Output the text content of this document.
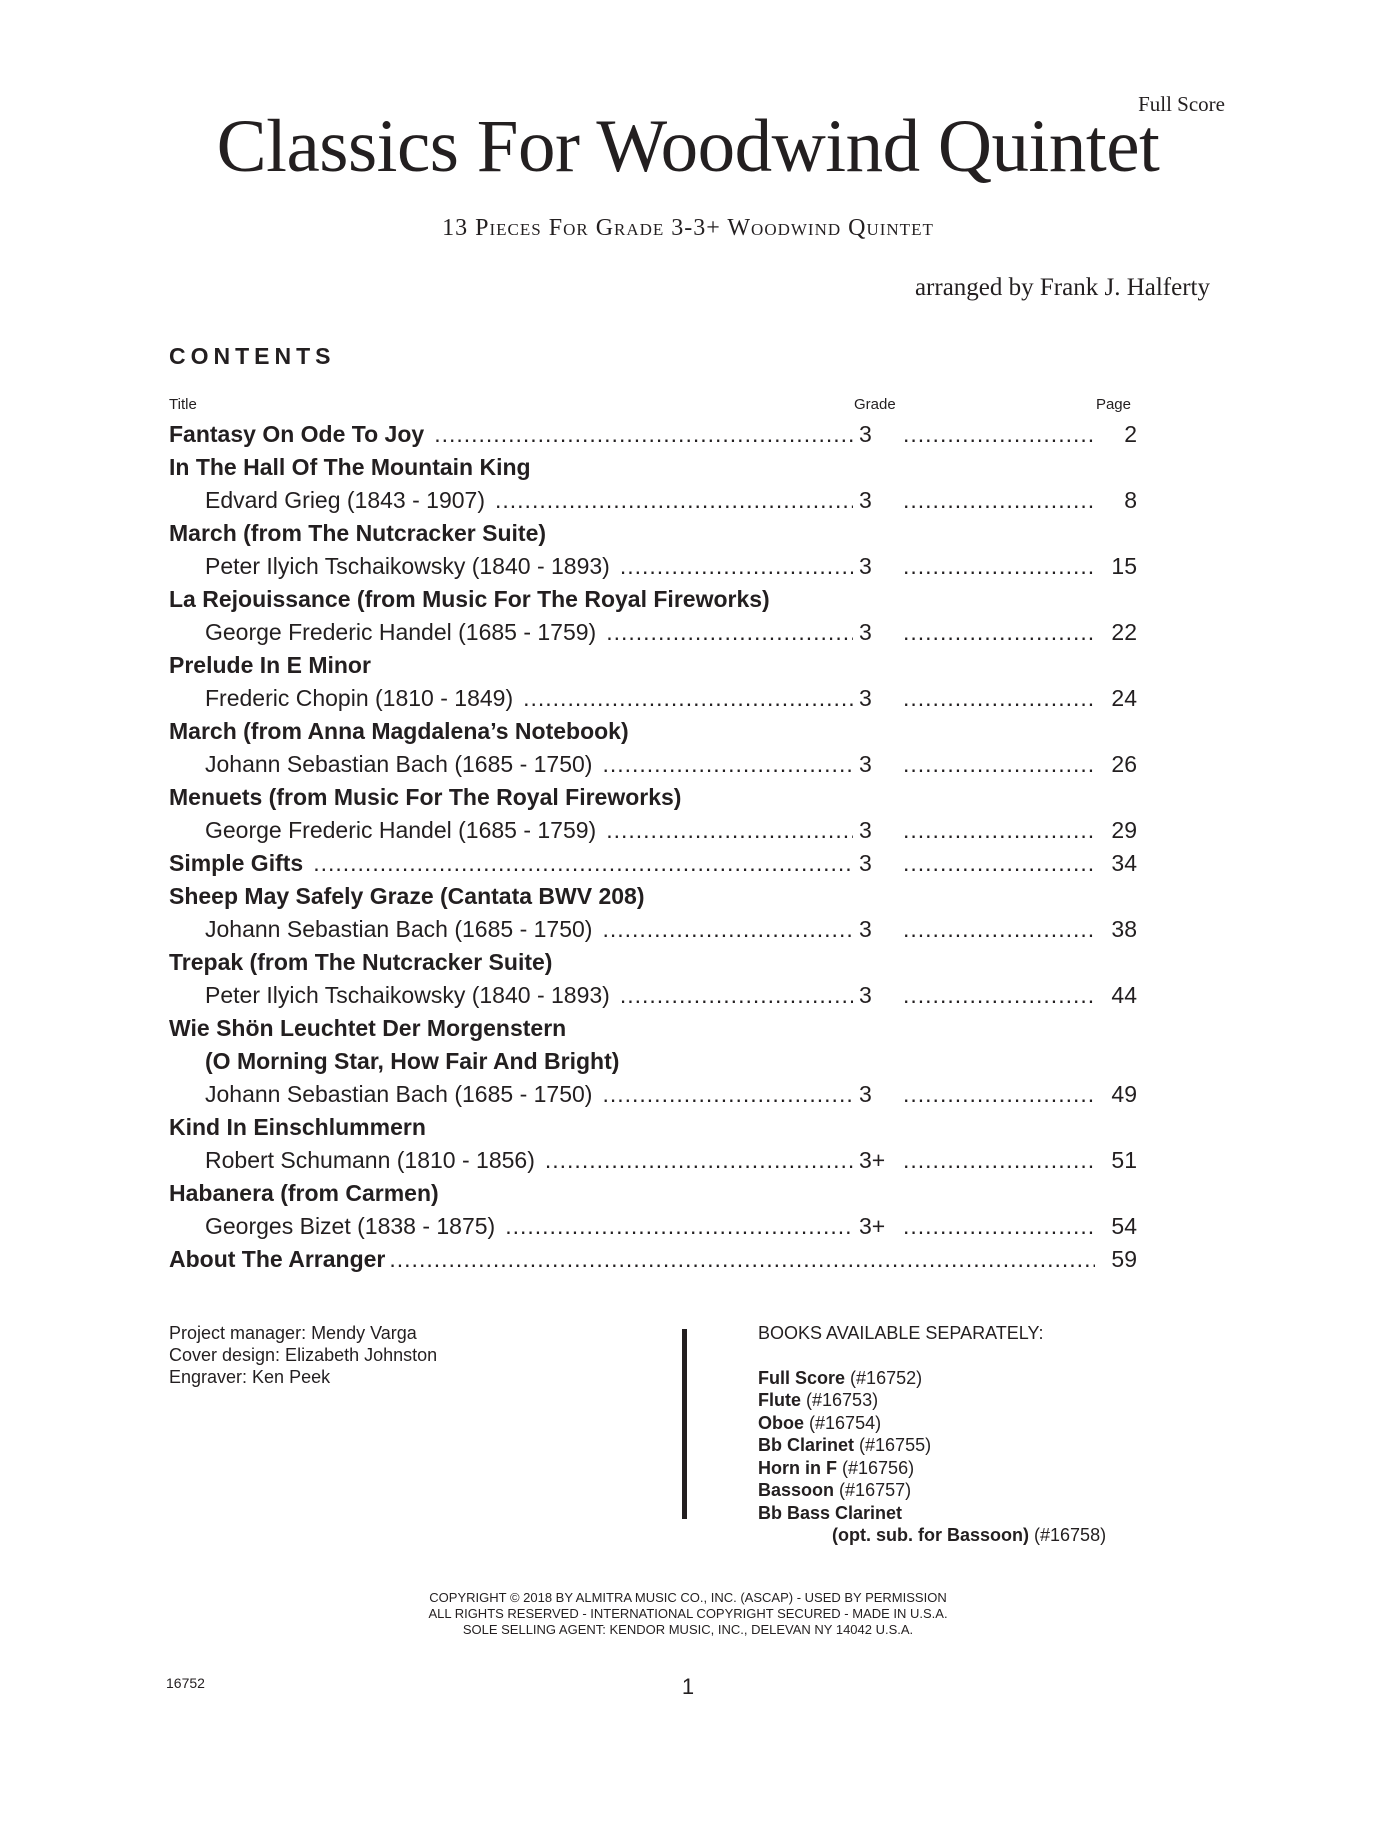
Full Score
Classics For Woodwind Quintet
13 Pieces For Grade 3-3+ Woodwind Quintet
arranged by Frank J. Halferty
CONTENTS
Title	Grade	Page
Fantasy On Ode To Joy .....	3 .....	2
In The Hall Of The Mountain King
Edvard Grieg (1843 - 1907) .....	3 .....	8
March (from The Nutcracker Suite)
Peter Ilyich Tschaikowsky (1840 - 1893) .....	3 .....	15
La Rejouissance (from Music For The Royal Fireworks)
George Frederic Handel (1685 - 1759) .....	3 .....	22
Prelude In E Minor
Frederic Chopin (1810 - 1849) .....	3 .....	24
March (from Anna Magdalena’s Notebook)
Johann Sebastian Bach (1685 - 1750) .....	3 .....	26
Menuets (from Music For The Royal Fireworks)
George Frederic Handel (1685 - 1759) .....	3 .....	29
Simple Gifts .....	3 .....	34
Sheep May Safely Graze (Cantata BWV 208)
Johann Sebastian Bach (1685 - 1750) .....	3 .....	38
Trepak (from The Nutcracker Suite)
Peter Ilyich Tschaikowsky (1840 - 1893) .....	3 .....	44
Wie Shön Leuchtet Der Morgenstern
(O Morning Star, How Fair And Bright)
Johann Sebastian Bach (1685 - 1750) .....	3 .....	49
Kind In Einschlummern
Robert Schumann (1810 - 1856) .....	3+ .....	51
Habanera (from Carmen)
Georges Bizet (1838 - 1875) .....	3+ .....	54
About The Arranger .....	59
Project manager: Mendy Varga
Cover design: Elizabeth Johnston
Engraver: Ken Peek
BOOKS AVAILABLE SEPARATELY:
Full Score (#16752)
Flute (#16753)
Oboe (#16754)
Bb Clarinet (#16755)
Horn in F (#16756)
Bassoon (#16757)
Bb Bass Clarinet
(opt. sub. for Bassoon) (#16758)
COPYRIGHT © 2018 BY ALMITRA MUSIC CO., INC. (ASCAP) - USED BY PERMISSION
ALL RIGHTS RESERVED - INTERNATIONAL COPYRIGHT SECURED - MADE IN U.S.A.
SOLE SELLING AGENT: KENDOR MUSIC, INC., DELEVAN NY 14042 U.S.A.
16752	1
